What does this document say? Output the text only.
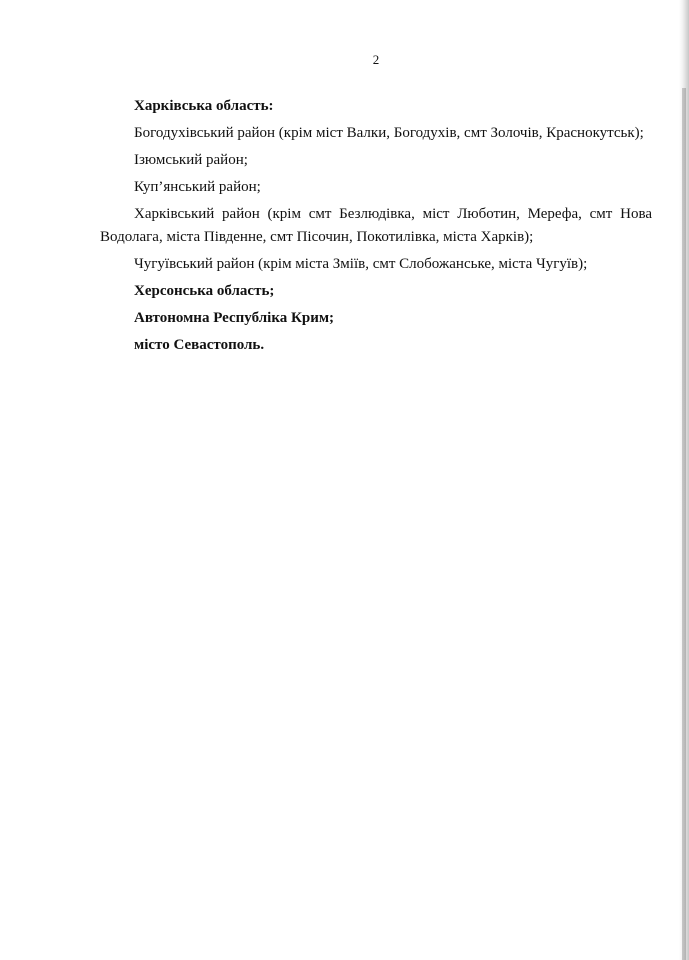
2

Харківська область:

Богодухівський район (крім міст Валки, Богодухів, смт Золочів, Краснокутськ);

Ізюмський район;

Куп’янський район;

Харківський район (крім смт Безлюдівка, міст Люботин, Мерефа, смт Нова Водолага, міста Південне, смт Пісочин, Покотилівка, міста Харків);

Чугуївський район (крім міста Зміїв, смт Слобожанське, міста Чугуїв);

Херсонська область;

Автономна Республіка Крим;

місто Севастополь.
